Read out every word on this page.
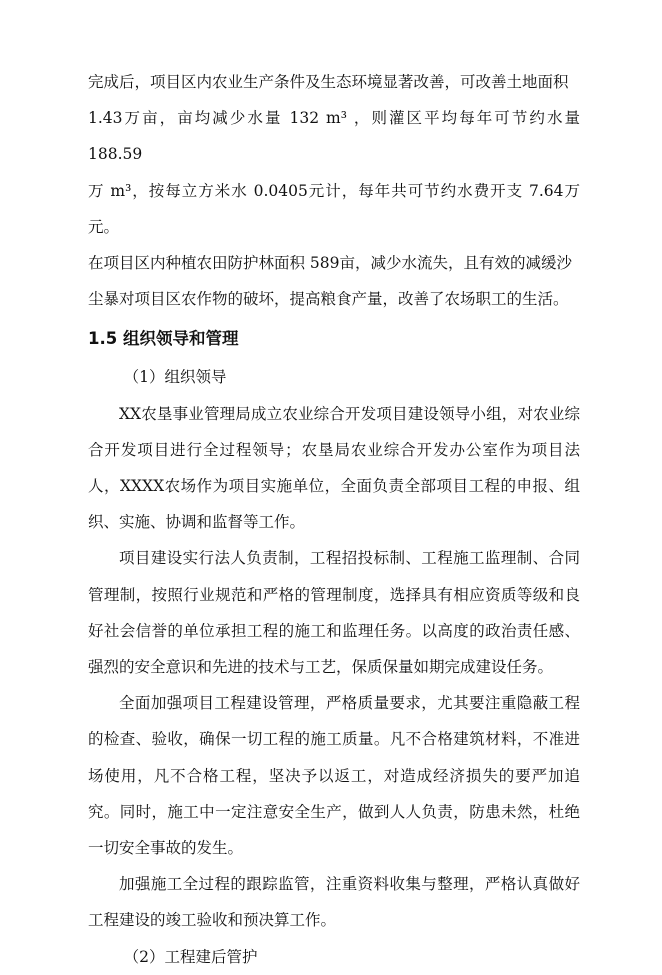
完成后，项目区内农业生产条件及生态环境显著改善，可改善土地面积

1.43万亩，亩均减少水量 132 m³ ，则灌区平均每年可节约水量 188.59

万 m³，按每立方米水 0.0405元计，每年共可节约水费开支 7.64万元。

在项目区内种植农田防护林面积 589亩，减少水流失，且有效的减缓沙

尘暴对项目区农作物的破坏，提高粮食产量，改善了农场职工的生活。

1.5 组织领导和管理

（1）组织领导

XX农垦事业管理局成立农业综合开发项目建设领导小组，对农业综合开发项目进行全过程领导；农垦局农业综合开发办公室作为项目法人，XXXX农场作为项目实施单位，全面负责全部项目工程的申报、组织、实施、协调和监督等工作。

项目建设实行法人负责制，工程招投标制、工程施工监理制、合同管理制，按照行业规范和严格的管理制度，选择具有相应资质等级和良好社会信誉的单位承担工程的施工和监理任务。以高度的政治责任感、强烈的安全意识和先进的技术与工艺，保质保量如期完成建设任务。

全面加强项目工程建设管理，严格质量要求，尤其要注重隐蔽工程的检查、验收，确保一切工程的施工质量。凡不合格建筑材料，不准进场使用，凡不合格工程，坚决予以返工，对造成经济损失的要严加追究。同时，施工中一定注意安全生产，做到人人负责，防患未然，杜绝一切安全事故的发生。

加强施工全过程的跟踪监管，注重资料收集与整理，严格认真做好工程建设的竣工验收和预决算工作。

（2）工程建后管护
